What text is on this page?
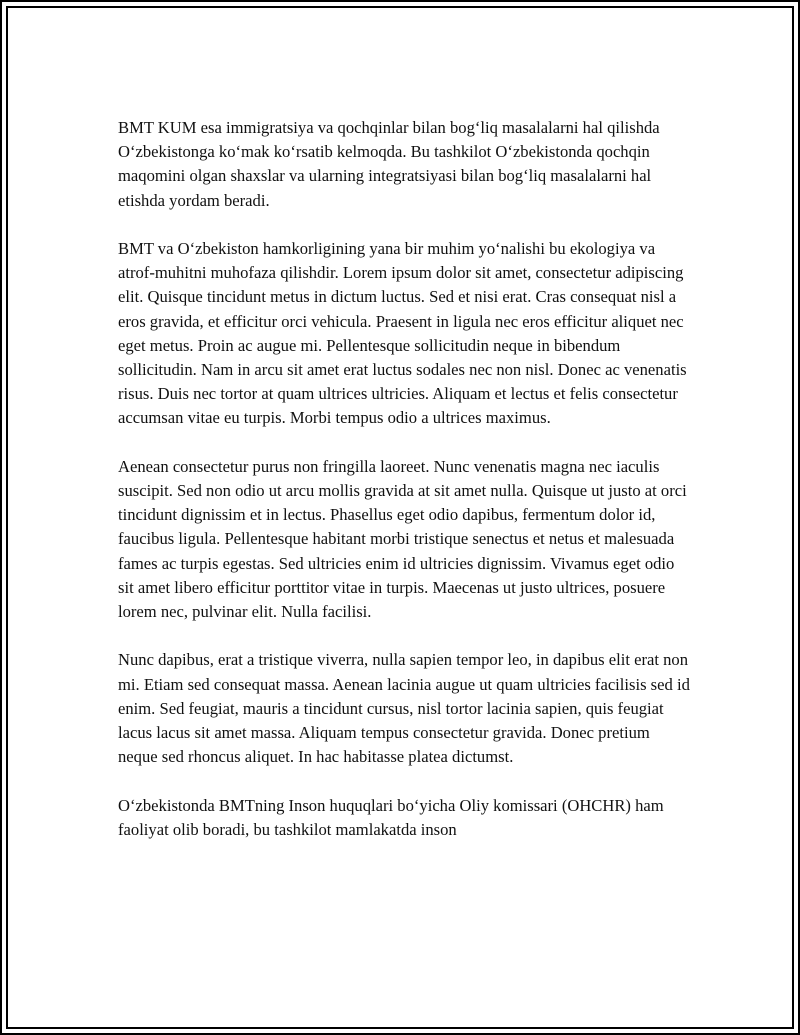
BMT KUM esa immigratsiya va qochqinlar bilan bog‘liq masalalarni hal qilishda O‘zbekistonga ko‘mak ko‘rsatib kelmoqda. Bu tashkilot O‘zbekistonda qochqin maqomini olgan shaxslar va ularning integratsiyasi bilan bog‘liq masalalarni hal etishda yordam beradi.

BMT va O‘zbekiston hamkorligining yana bir muhim yo‘nalishi bu ekologiya va atrof-muhitni muhofaza qilishdir. Lorem ipsum dolor sit amet, consectetur adipiscing elit. Quisque tincidunt metus in dictum luctus. Sed et nisi erat. Cras consequat nisl a eros gravida, et efficitur orci vehicula. Praesent in ligula nec eros efficitur aliquet nec eget metus. Proin ac augue mi. Pellentesque sollicitudin neque in bibendum sollicitudin. Nam in arcu sit amet erat luctus sodales nec non nisl. Donec ac venenatis risus. Duis nec tortor at quam ultrices ultricies. Aliquam et lectus et felis consectetur accumsan vitae eu turpis. Morbi tempus odio a ultrices maximus.

Aenean consectetur purus non fringilla laoreet. Nunc venenatis magna nec iaculis suscipit. Sed non odio ut arcu mollis gravida at sit amet nulla. Quisque ut justo at orci tincidunt dignissim et in lectus. Phasellus eget odio dapibus, fermentum dolor id, faucibus ligula. Pellentesque habitant morbi tristique senectus et netus et malesuada fames ac turpis egestas. Sed ultricies enim id ultricies dignissim. Vivamus eget odio sit amet libero efficitur porttitor vitae in turpis. Maecenas ut justo ultrices, posuere lorem nec, pulvinar elit. Nulla facilisi.

Nunc dapibus, erat a tristique viverra, nulla sapien tempor leo, in dapibus elit erat non mi. Etiam sed consequat massa. Aenean lacinia augue ut quam ultricies facilisis sed id enim. Sed feugiat, mauris a tincidunt cursus, nisl tortor lacinia sapien, quis feugiat lacus lacus sit amet massa. Aliquam tempus consectetur gravida. Donec pretium neque sed rhoncus aliquet. In hac habitasse platea dictumst.

O‘zbekistonda BMTning Inson huquqlari bo‘yicha Oliy komissari (OHCHR) ham faoliyat olib boradi, bu tashkilot mamlakatda inson
